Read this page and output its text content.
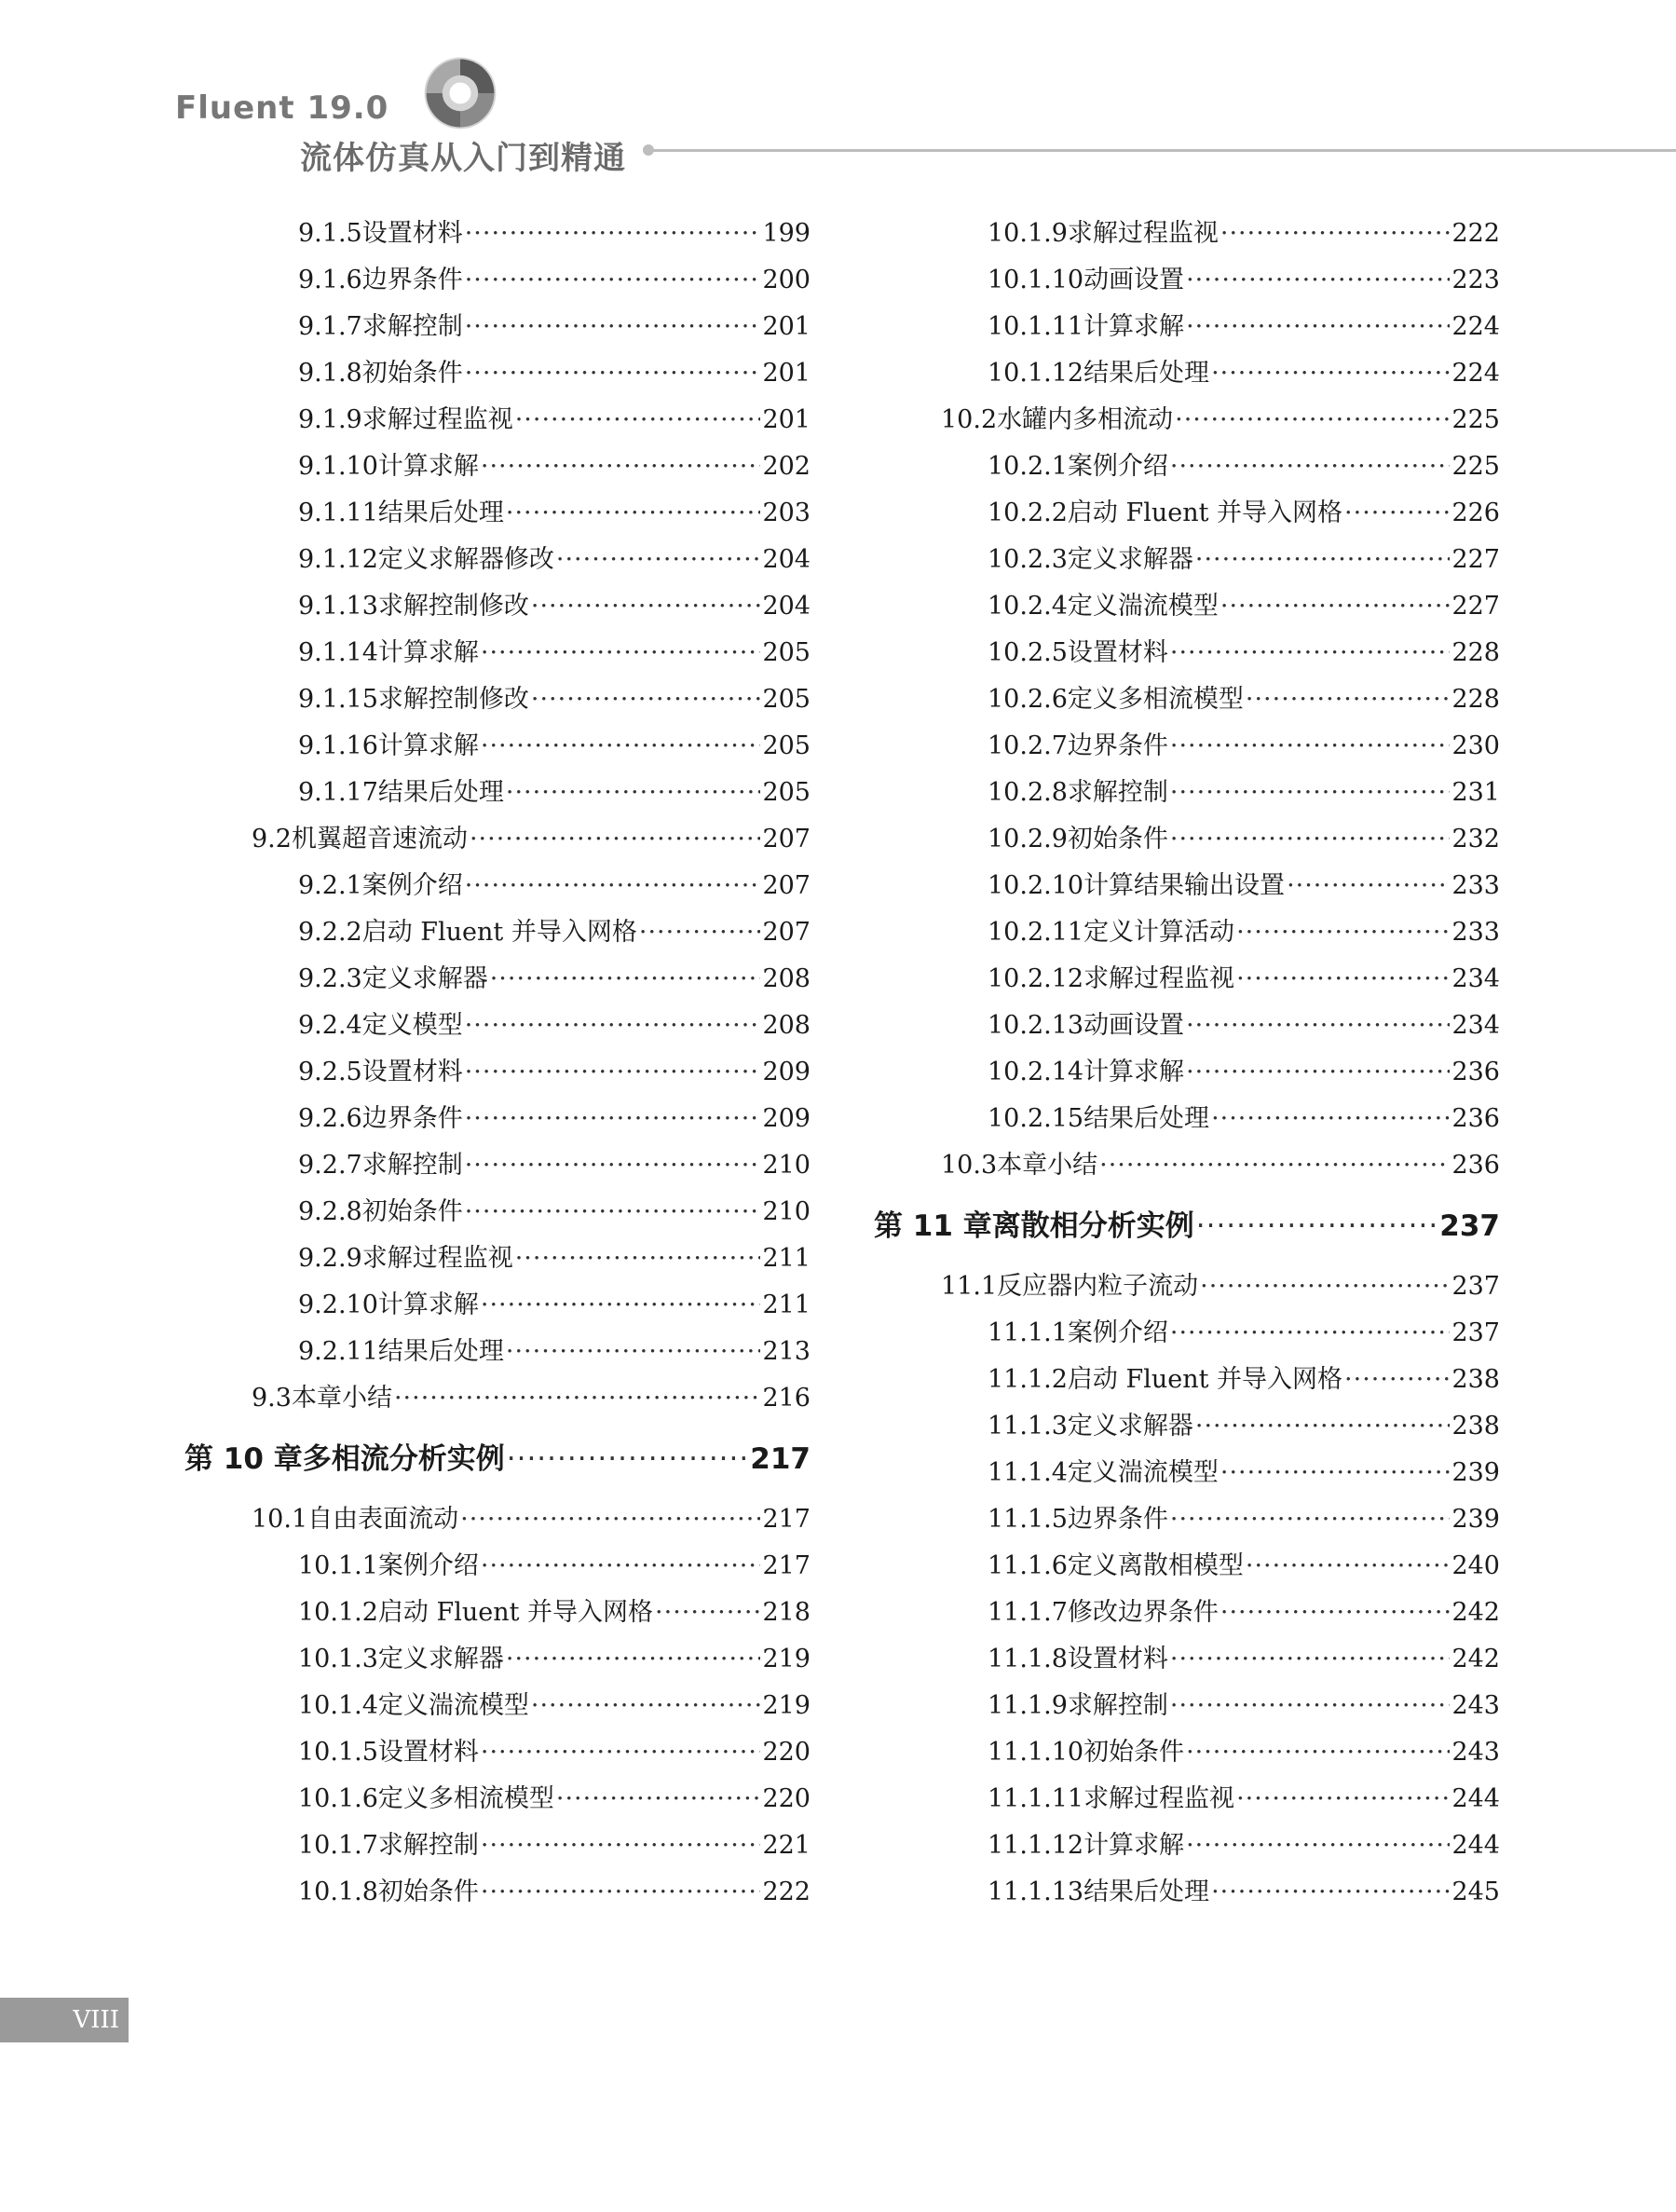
Fluent 19.0
流体仿真从入门到精通
9.1.5 设置材料 ·····	199
9.1.6 边界条件 ·····	200
9.1.7 求解控制 ·····	201
9.1.8 初始条件 ·····	201
9.1.9 求解过程监视 ·····	201
9.1.10 计算求解 ·····	202
9.1.11 结果后处理 ·····	203
9.1.12 定义求解器修改 ·····	204
9.1.13 求解控制修改 ·····	204
9.1.14 计算求解 ·····	205
9.1.15 求解控制修改 ·····	205
9.1.16 计算求解 ·····	205
9.1.17 结果后处理 ·····	205
9.2 机翼超音速流动 ·····	207
9.2.1 案例介绍 ·····	207
9.2.2 启动 Fluent 并导入网格 ·····	207
9.2.3 定义求解器 ·····	208
9.2.4 定义模型 ·····	208
9.2.5 设置材料 ·····	209
9.2.6 边界条件 ·····	209
9.2.7 求解控制 ·····	210
9.2.8 初始条件 ·····	210
9.2.9 求解过程监视 ·····	211
9.2.10 计算求解 ·····	211
9.2.11 结果后处理 ·····	213
9.3 本章小结 ·····	216
第 10 章 多相流分析实例 ·····	217
10.1 自由表面流动 ·····	217
10.1.1 案例介绍 ·····	217
10.1.2 启动 Fluent 并导入网格 ·····	218
10.1.3 定义求解器 ·····	219
10.1.4 定义湍流模型 ·····	219
10.1.5 设置材料 ·····	220
10.1.6 定义多相流模型 ·····	220
10.1.7 求解控制 ·····	221
10.1.8 初始条件 ·····	222
10.1.9 求解过程监视 ·····	222
10.1.10 动画设置 ·····	223
10.1.11 计算求解 ·····	224
10.1.12 结果后处理 ·····	224
10.2 水罐内多相流动 ·····	225
10.2.1 案例介绍 ·····	225
10.2.2 启动 Fluent 并导入网格 ·····	226
10.2.3 定义求解器 ·····	227
10.2.4 定义湍流模型 ·····	227
10.2.5 设置材料 ·····	228
10.2.6 定义多相流模型 ·····	228
10.2.7 边界条件 ·····	230
10.2.8 求解控制 ·····	231
10.2.9 初始条件 ·····	232
10.2.10 计算结果输出设置 ·····	233
10.2.11 定义计算活动 ·····	233
10.2.12 求解过程监视 ·····	234
10.2.13 动画设置 ·····	234
10.2.14 计算求解 ·····	236
10.2.15 结果后处理 ·····	236
10.3 本章小结 ·····	236
第 11 章 离散相分析实例 ·····	237
11.1 反应器内粒子流动 ·····	237
11.1.1 案例介绍 ·····	237
11.1.2 启动 Fluent 并导入网格 ·····	238
11.1.3 定义求解器 ·····	238
11.1.4 定义湍流模型 ·····	239
11.1.5 边界条件 ·····	239
11.1.6 定义离散相模型 ·····	240
11.1.7 修改边界条件 ·····	242
11.1.8 设置材料 ·····	242
11.1.9 求解控制 ·····	243
11.1.10 初始条件 ·····	243
11.1.11 求解过程监视 ·····	244
11.1.12 计算求解 ·····	244
11.1.13 结果后处理 ·····	245
VIII
